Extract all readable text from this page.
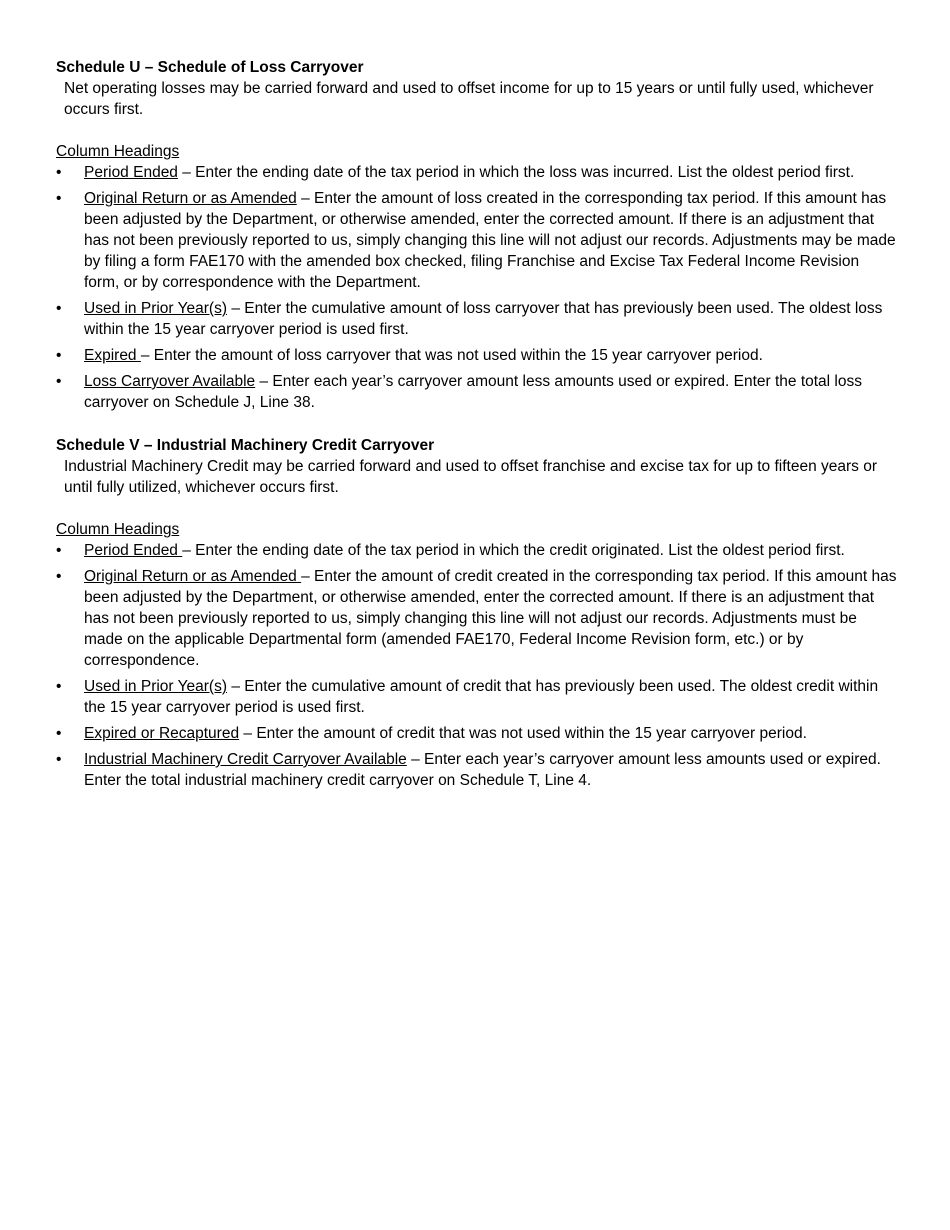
Schedule U – Schedule of Loss Carryover

Net operating losses may be carried forward and used to offset income for up to 15 years or until fully used, whichever occurs first.

Column Headings

•	Period Ended – Enter the ending date of the tax period in which the loss was incurred. List the oldest period first.
•	Original Return or as Amended – Enter the amount of loss created in the corresponding tax period. If this amount has been adjusted by the Department, or otherwise amended, enter the corrected amount. If there is an adjustment that has not been previously reported to us, simply changing this line will not adjust our records. Adjustments may be made by filing a form FAE170 with the amended box checked, filing Franchise and Excise Tax Federal Income Revision form, or by correspondence with the Department.
•	Used in Prior Year(s) – Enter the cumulative amount of loss carryover that has previously been used. The oldest loss within the 15 year carryover period is used first.
•	Expired – Enter the amount of loss carryover that was not used within the 15 year carryover period.
•	Loss Carryover Available – Enter each year’s carryover amount less amounts used or expired. Enter the total loss carryover on Schedule J, Line 38.

Schedule V – Industrial Machinery Credit Carryover

Industrial Machinery Credit may be carried forward and used to offset franchise and excise tax for up to fifteen years or until fully utilized, whichever occurs first.

Column Headings

•	Period Ended – Enter the ending date of the tax period in which the credit originated. List the oldest period first.
•	Original Return or as Amended – Enter the amount of credit created in the corresponding tax period. If this amount has been adjusted by the Department, or otherwise amended, enter the corrected amount. If there is an adjustment that has not been previously reported to us, simply changing this line will not adjust our records. Adjustments must be made on the applicable Departmental form (amended FAE170, Federal Income Revision form, etc.) or by correspondence.
•	Used in Prior Year(s) – Enter the cumulative amount of credit that has previously been used. The oldest credit within the 15 year carryover period is used first.
•	Expired or Recaptured – Enter the amount of credit that was not used within the 15 year carryover period.
•	Industrial Machinery Credit Carryover Available – Enter each year’s carryover amount less amounts used or expired. Enter the total industrial machinery credit carryover on Schedule T, Line 4.
